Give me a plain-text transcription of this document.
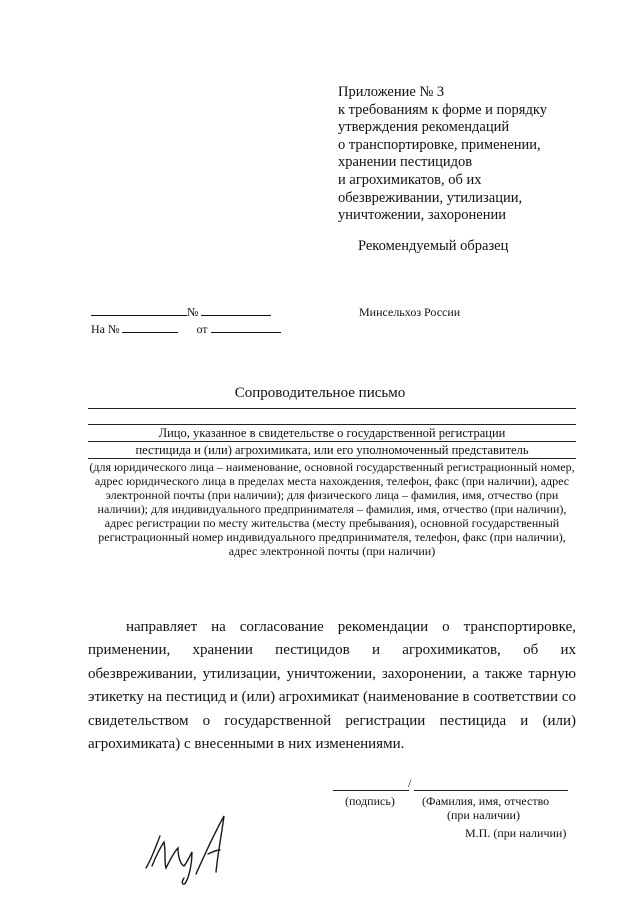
Приложение № 3
к требованиям к форме и порядку
утверждения рекомендаций
о транспортировке, применении,
хранении пестицидов
и агрохимикатов, об их
обезвреживании, утилизации,
уничтожении, захоронении
Рекомендуемый образец
№
На №	от
Минсельхоз России
Сопроводительное письмо
Лицо, указанное в свидетельстве о государственной регистрации
пестицида и (или) агрохимиката, или его уполномоченный представитель
(для юридического лица – наименование, основной государственный регистрационный номер, адрес юридического лица в пределах места нахождения, телефон, факс (при наличии), адрес электронной почты (при наличии); для физического лица – фамилия, имя, отчество (при наличии); для индивидуального предпринимателя – фамилия, имя, отчество (при наличии), адрес регистрации по месту жительства (месту пребывания), основной государственный регистрационный номер индивидуального предпринимателя, телефон, факс (при наличии), адрес электронной почты (при наличии)
направляет на согласование рекомендации о транспортировке, применении, хранении пестицидов и агрохимикатов, об их обезвреживании, утилизации, уничтожении, захоронении, а также тарную этикетку на пестицид и (или) агрохимикат (наименование в соответствии со свидетельством о государственной регистрации пестицида и (или) агрохимиката) с внесенными в них изменениями.
/
(подпись) (Фамилия, имя, отчество
(при наличии)
М.П. (при наличии)
